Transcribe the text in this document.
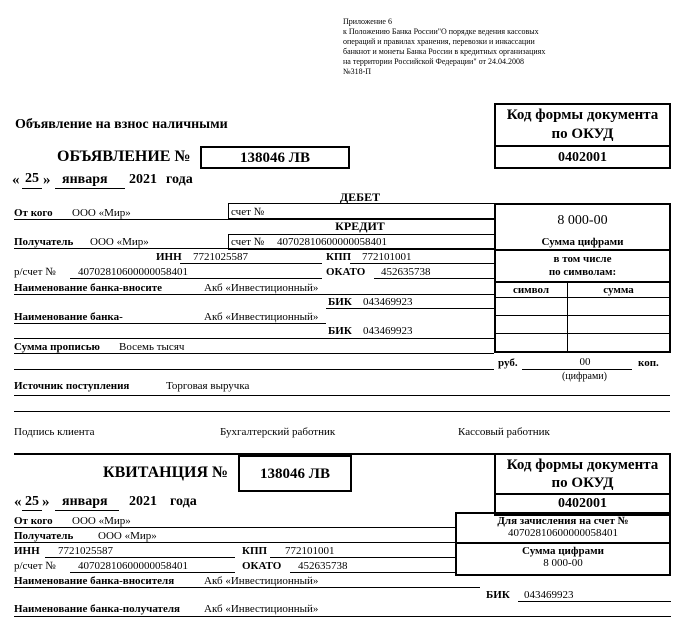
Приложение 6
к Положению Банка России"О порядке ведения кассовых
операций и правилах хранения, перевозки и инкассации
банкнот и монеты Банка России в кредитных организациях
на территории Российской Федерации" от 24.04.2008
№318-П
Объявление на взнос наличными
Код формы документа
по ОКУД
0402001
ОБЪЯВЛЕНИЕ №	138046 ЛВ
« 25 » января 2021 года
ДЕБЕТ
От кого ООО «Мир»	счет №
КРЕДИТ	8 000-00
Сумма цифрами
в том числе
по символам:
символ	сумма
Получатель ООО «Мир»	счет № 40702810600000058401
ИНН 7721025587	КПП 772101001
р/счет № 40702810600000058401	ОКАТО 452635738
Наименование банка-вносите	Акб «Инвестиционный»
БИК 043469923
Наименование банка-	Акб «Инвестиционный»
БИК 043469923
Сумма прописью Восемь тысяч
руб.	00	коп.
(цифрами)
Источник поступления	Торговая выручка
Подпись клиента	Бухгалтерский работник	Кассовый работник
Код формы документа
по ОКУД
0402001
КВИТАНЦИЯ №	138046 ЛВ
« 25 » января 2021 года
Для зачисления на счет №
40702810600000058401
Сумма цифрами
8 000-00
От кого ООО «Мир»
Получатель ООО «Мир»
ИНН 7721025587	КПП 772101001
р/счет № 40702810600000058401	ОКАТО 452635738
Наименование банка-вносителя	Акб «Инвестиционный»
БИК 043469923
Наименование банка-получателя Акб «Инвестиционный»
